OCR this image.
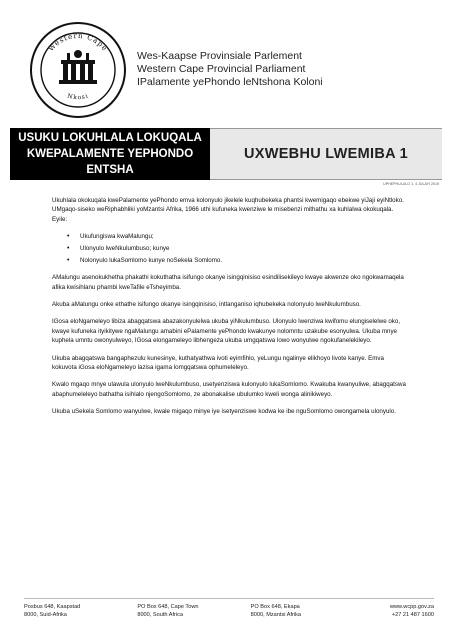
Western Cape
Nkosi
Wes-Kaapse Provinsiale Parlement
Western Cape Provincial Parliament
IPalamente yePhondo leNtshona Koloni
USUKU LOKUHLALA LOKUQALA
KWEPALAMENTE YEPHONDO
ENTSHA
UXWEBHU LWEMIBA 1
UPHEPHULULO 1, 4 JULAYI 2019

Ukuhlala okokuqala kwePalamente yePhondo emva kolonyulo jikelele kuqhubekeka phantsi kwemigaqo ebekwe yiJaji eyiNtloko. UMgaqo-siseko weRiphabhliki yoMzantsi Afrika, 1966 uthi kufuneka kwenziwe le misebenzi mithathu xa kuhlalwa okokuqala. Eyile:

• Ukufungiswa kwaMalungu;
• Ulonyulo lweNkulumbuso; kunye
• Nolonyulo lukaSomlomo kunye noSekela Somlomo.

AMalungu asenokukhetha phakathi kokuthatha isifungo okanye isingqinisiso esindilisekileyo kwaye akwenze oko ngokwamaqela afika kwisihlanu phambi kweTafile eTsheyimba.

Akuba aMalungu onke ethathe isifungo okanye isingqinisiso, intlanganiso iqhubekeka nolonyulo lweNkulumbuso.

IGosa eloNgameleyo libiza abagqatswa abazakonyulelwa ukuba yiNkulumbuso. Ulonyulo lwenziwa kwifomu elungiselelwe oko, kwaye kufuneka ityikitywe ngaMalungu amabini ePalamente yePhondo kwakunye nolomntu uzakube esonyulwa. Ukuba mnye kuphela umntu owonyulweyo, IGosa elongameleyo libhengeza ukuba umgqatswa lowo wonyulwe ngokufanelekileyo.

Ukuba abagqatswa bangaphezulu kunesinye, kuthatyathwa ivoti eyimfihlo, yeLungu ngalinye elikhoyo livote kanye. Emva kokuvota iGosa eloNgameleyo lazisa igama lomgqatswa ophumeleleyo.

Kwalo mgaqo mnye ulawula ulonyulo lweNkulumbuso, usetyenziswa kulonyulo lukaSomlomo. Kwakuba kwanyuliwe, abagqatswa abaphumeleleyo bathatha isihlalo njengoSomlomo, ze abonakalise ubulumko kweli wonga alinikiweyo.

Ukuba uSekela Somlomo wanyulwe, kwale migaqo minye iye isetyenziswe kodwa ke ibe nguSomlomo owongamela ulonyulo.

Posbus 648, Kaapstad
8000, Suid-Afrika
PO Box 648, Cape Town
8000, South Africa
PO Box 648, Ekapa
8000, Mzantsi Afrika
www.wcpp.gov.za
+27 21 487 1600
